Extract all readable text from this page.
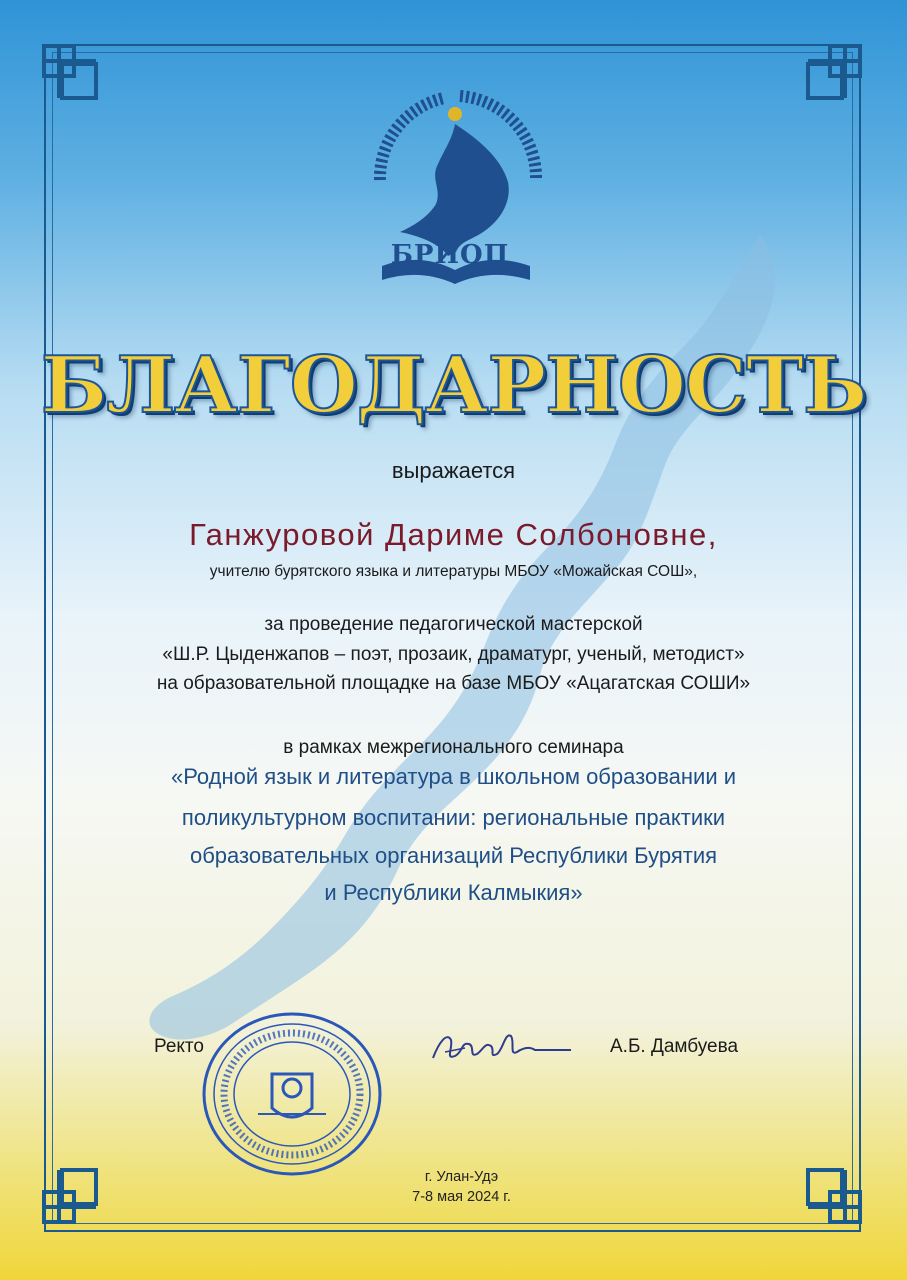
БРИОП
БЛАГОДАРНОСТЬ
выражается
Ганжуровой Дариме Солбоновне,
учителю бурятского языка и литературы МБОУ «Можайская СОШ»,
за проведение педагогической мастерской
«Ш.Р. Цыденжапов – поэт, прозаик, драматург, ученый, методист»
на образовательной площадке на базе МБОУ «Ацагатская СОШИ»
в рамках межрегионального семинара
«Родной язык и литература в школьном образовании и
поликультурном воспитании: региональные практики
образовательных организаций Республики Бурятия
и Республики Калмыкия»
Ректо	А.Б. Дамбуева
г. Улан-Удэ
7-8 мая 2024 г.
